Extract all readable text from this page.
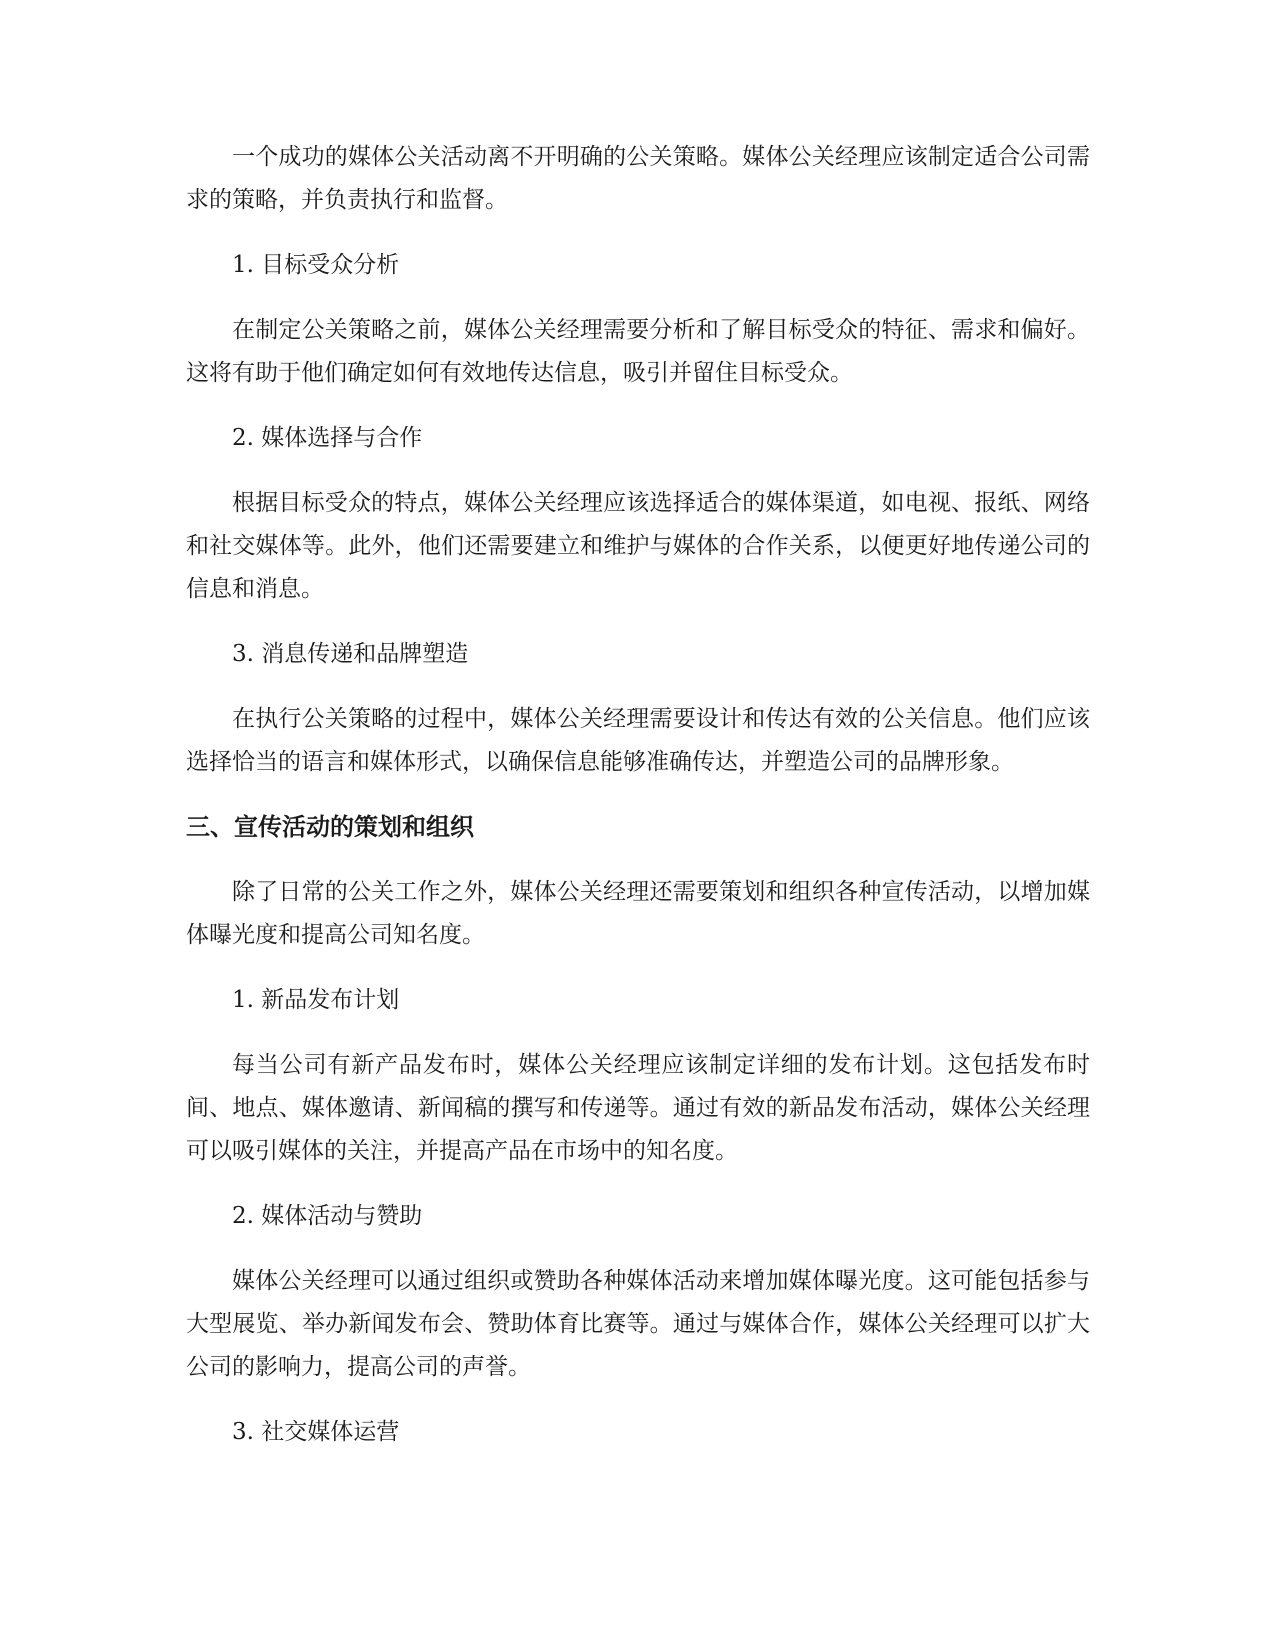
一个成功的媒体公关活动离不开明确的公关策略。媒体公关经理应该制定适合公司需求的策略，并负责执行和监督。

1. 目标受众分析

在制定公关策略之前，媒体公关经理需要分析和了解目标受众的特征、需求和偏好。这将有助于他们确定如何有效地传达信息，吸引并留住目标受众。

2. 媒体选择与合作

根据目标受众的特点，媒体公关经理应该选择适合的媒体渠道，如电视、报纸、网络和社交媒体等。此外，他们还需要建立和维护与媒体的合作关系，以便更好地传递公司的信息和消息。

3. 消息传递和品牌塑造

在执行公关策略的过程中，媒体公关经理需要设计和传达有效的公关信息。他们应该选择恰当的语言和媒体形式，以确保信息能够准确传达，并塑造公司的品牌形象。

三、宣传活动的策划和组织

除了日常的公关工作之外，媒体公关经理还需要策划和组织各种宣传活动，以增加媒体曝光度和提高公司知名度。

1. 新品发布计划

每当公司有新产品发布时，媒体公关经理应该制定详细的发布计划。这包括发布时间、地点、媒体邀请、新闻稿的撰写和传递等。通过有效的新品发布活动，媒体公关经理可以吸引媒体的关注，并提高产品在市场中的知名度。

2. 媒体活动与赞助

媒体公关经理可以通过组织或赞助各种媒体活动来增加媒体曝光度。这可能包括参与大型展览、举办新闻发布会、赞助体育比赛等。通过与媒体合作，媒体公关经理可以扩大公司的影响力，提高公司的声誉。

3. 社交媒体运营
